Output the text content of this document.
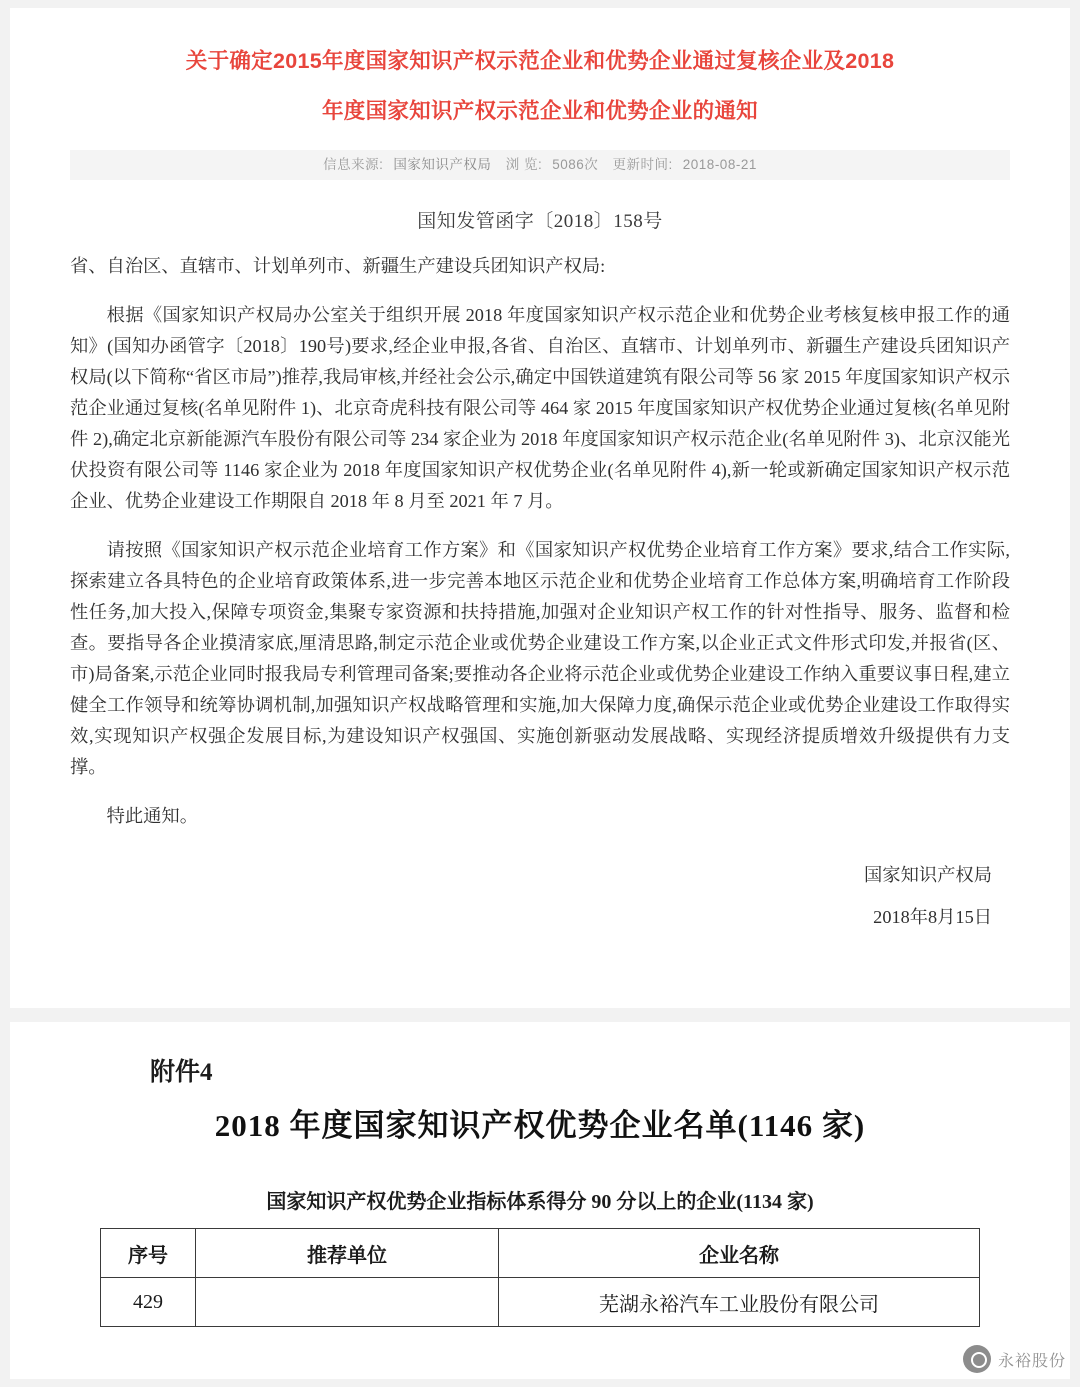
关于确定2015年度国家知识产权示范企业和优势企业通过复核企业及2018
年度国家知识产权示范企业和优势企业的通知
信息来源: 国家知识产权局 浏 览: 5086次 更新时间: 2018-08-21
国知发管函字〔2018〕158号

省、自治区、直辖市、计划单列市、新疆生产建设兵团知识产权局:

根据《国家知识产权局办公室关于组织开展 2018 年度国家知识产权示范企业和优势企业考核复核申报工作的通知》(国知办函管字〔2018〕190号)要求,经企业申报,各省、自治区、直辖市、计划单列市、新疆生产建设兵团知识产权局(以下简称“省区市局”)推荐,我局审核,并经社会公示,确定中国铁道建筑有限公司等 56 家 2015 年度国家知识产权示范企业通过复核(名单见附件 1)、北京奇虎科技有限公司等 464 家 2015 年度国家知识产权优势企业通过复核(名单见附件 2),确定北京新能源汽车股份有限公司等 234 家企业为 2018 年度国家知识产权示范企业(名单见附件 3)、北京汉能光伏投资有限公司等 1146 家企业为 2018 年度国家知识产权优势企业(名单见附件 4),新一轮或新确定国家知识产权示范企业、优势企业建设工作期限自 2018 年 8 月至 2021 年 7 月。

请按照《国家知识产权示范企业培育工作方案》和《国家知识产权优势企业培育工作方案》要求,结合工作实际,探索建立各具特色的企业培育政策体系,进一步完善本地区示范企业和优势企业培育工作总体方案,明确培育工作阶段性任务,加大投入,保障专项资金,集聚专家资源和扶持措施,加强对企业知识产权工作的针对性指导、服务、监督和检查。要指导各企业摸清家底,厘清思路,制定示范企业或优势企业建设工作方案,以企业正式文件形式印发,并报省(区、市)局备案,示范企业同时报我局专利管理司备案;要推动各企业将示范企业或优势企业建设工作纳入重要议事日程,建立健全工作领导和统筹协调机制,加强知识产权战略管理和实施,加大保障力度,确保示范企业或优势企业建设工作取得实效,实现知识产权强企发展目标,为建设知识产权强国、实施创新驱动发展战略、实现经济提质增效升级提供有力支撑。

特此通知。

国家知识产权局
2018年8月15日
附件4
2018 年度国家知识产权优势企业名单(1146 家)
国家知识产权优势企业指标体系得分 90 分以上的企业(1134 家)
序号	推荐单位	企业名称
429		芜湖永裕汽车工业股份有限公司
永裕股份
